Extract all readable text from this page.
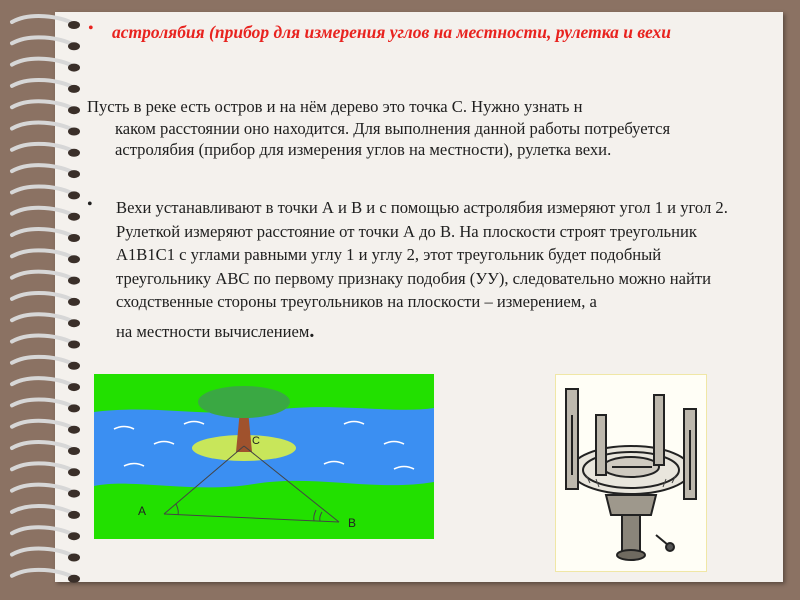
• астролябия (прибор для измерения углов на местности, рулетка и вехи
Пусть в реке есть остров и на нём дерево это точка С. Нужно узнать н
каком расстоянии оно находится. Для выполнения данной работы потребуется астролябия (прибор для измерения углов на местности), рулетка вехи.
• Вехи устанавливают в точки А и В и с помощью астролябия измеряют угол 1 и угол 2. Рулеткой измеряют расстояние от точки А до В. На плоскости строят треугольник А1В1С1 с углами равными углу 1 и углу 2, этот треугольник будет подобный треугольнику АВС по первому признаку подобия (УУ), следовательно можно найти сходственные стороны треугольников на плоскости – измерением, а
на местности вычислением.
С
А
В
